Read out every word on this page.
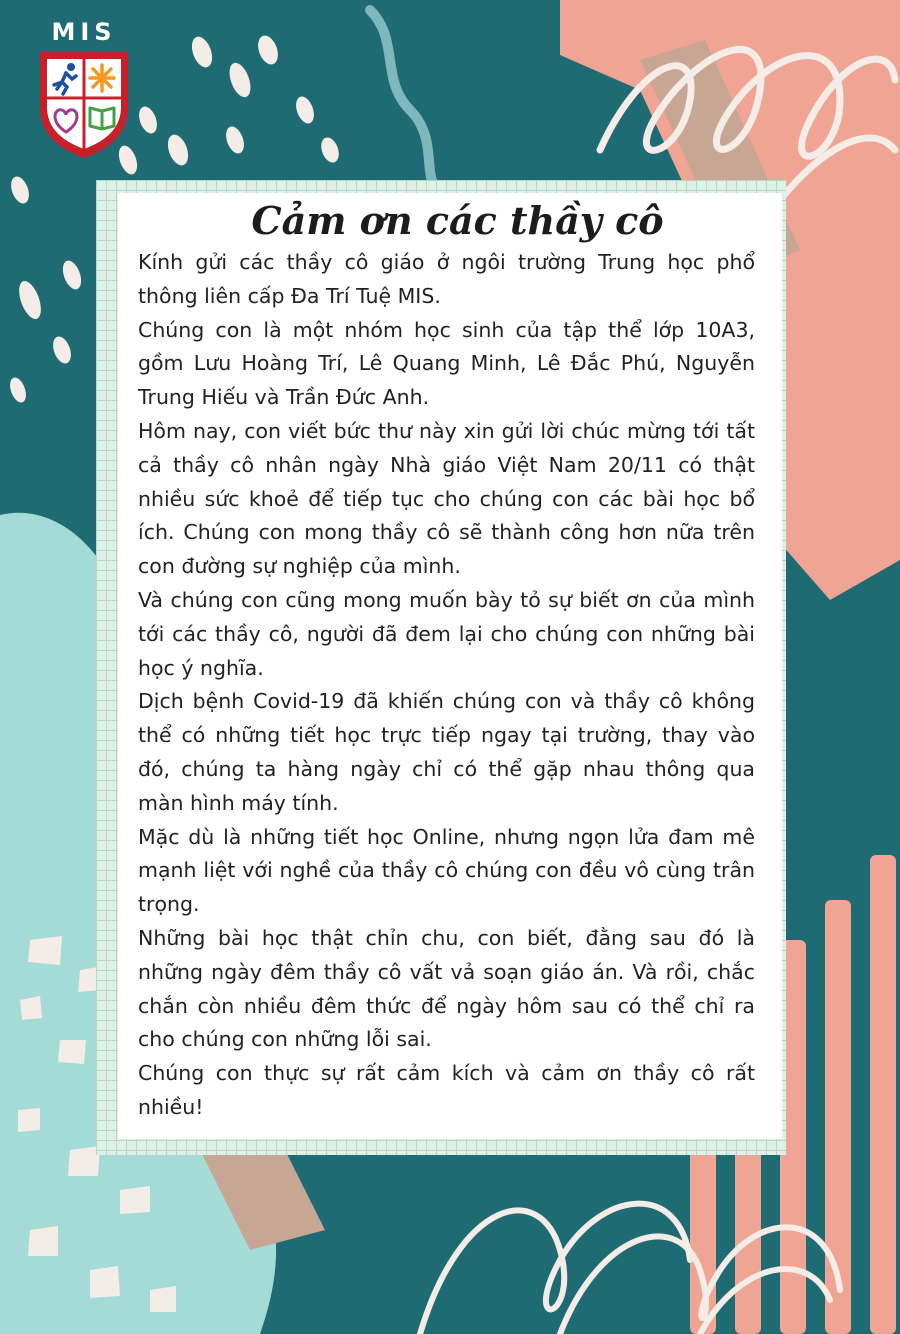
MIS
Cảm ơn các thầy cô

Kính gửi các thầy cô giáo ở ngôi trường Trung học phổ thông liên cấp Đa Trí Tuệ MIS.

Chúng con là một nhóm học sinh của tập thể lớp 10A3, gồm Lưu Hoàng Trí, Lê Quang Minh, Lê Đắc Phú, Nguyễn Trung Hiếu và Trần Đức Anh.

Hôm nay, con viết bức thư này xin gửi lời chúc mừng tới tất cả thầy cô nhân ngày Nhà giáo Việt Nam 20/11 có thật nhiều sức khoẻ để tiếp tục cho chúng con các bài học bổ ích. Chúng con mong thầy cô sẽ thành công hơn nữa trên con đường sự nghiệp của mình.

Và chúng con cũng mong muốn bày tỏ sự biết ơn của mình tới các thầy cô, người đã đem lại cho chúng con những bài học ý nghĩa.

Dịch bệnh Covid-19 đã khiến chúng con và thầy cô không thể có những tiết học trực tiếp ngay tại trường, thay vào đó, chúng ta hàng ngày chỉ có thể gặp nhau thông qua màn hình máy tính.

Mặc dù là những tiết học Online, nhưng ngọn lửa đam mê mạnh liệt với nghề của thầy cô chúng con đều vô cùng trân trọng.

Những bài học thật chỉn chu, con biết, đằng sau đó là những ngày đêm thầy cô vất vả soạn giáo án. Và rồi, chắc chắn còn nhiều đêm thức để ngày hôm sau có thể chỉ ra cho chúng con những lỗi sai.

Chúng con thực sự rất cảm kích và cảm ơn thầy cô rất nhiều!
